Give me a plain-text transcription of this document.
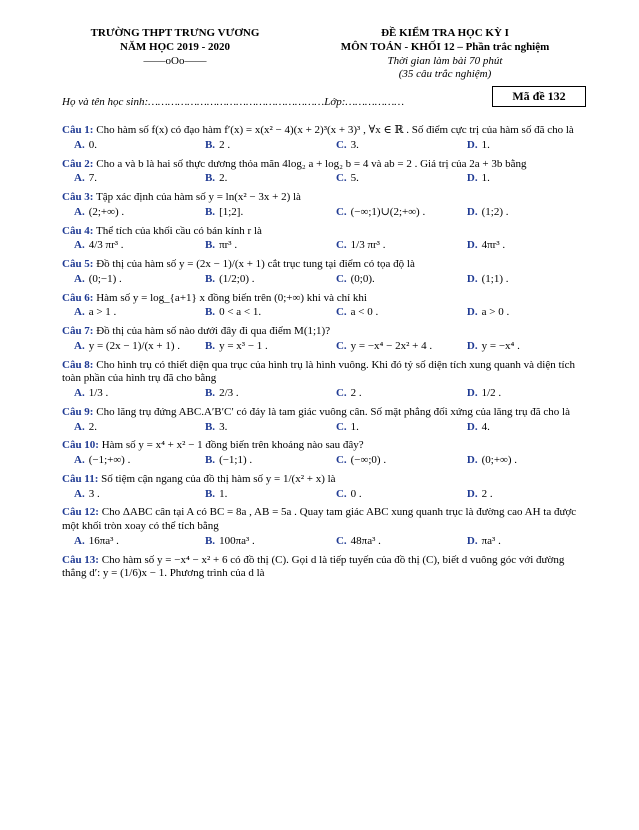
TRƯỜNG THPT TRƯNG VƯƠNG
NĂM HỌC 2019 - 2020
——oOo——
ĐỀ KIỂM TRA HỌC KỲ I
MÔN TOÁN - KHỐI 12 – Phần trắc nghiệm
Thời gian làm bài 70 phút
(35 câu trắc nghiệm)
Họ và tên học sinh:………………………………………………Lớp:………………	Mã đề 132

Câu 1: Cho hàm số f(x) có đạo hàm f′(x) = x(x² − 4)(x + 2)³(x + 3)³ , ∀x ∈ ℝ . Số điểm cực trị của hàm số đã cho là

A. 0.	B. 2 .	C. 3.	D. 1.

Câu 2: Cho a và b là hai số thực dương thỏa mãn 4log₂ a + log₂ b = 4 và ab = 2 . Giá trị của 2a + 3b bằng

A. 7.	B. 2.	C. 5.	D. 1.

Câu 3: Tập xác định của hàm số y = ln(x² − 3x + 2) là

A. (2;+∞) .	B. [1;2].	C. (−∞;1)∪(2;+∞) .	D. (1;2) .

Câu 4: Thể tích của khối cầu có bán kính r là

A. 4/3 πr³ .	B. πr³ .	C. 1/3 πr³ .	D. 4πr³ .

Câu 5: Đồ thị của hàm số y = (2x − 1)/(x + 1) cắt trục tung tại điểm có tọa độ là

A. (0;−1) .	B. (1/2;0) .	C. (0;0).	D. (1;1) .

Câu 6: Hàm số y = log_{a+1} x đồng biến trên (0;+∞) khi và chỉ khi

A. a > 1 .	B. 0 < a < 1.	C. a < 0 .	D. a > 0 .

Câu 7: Đồ thị của hàm số nào dưới đây đi qua điểm M(1;1)?

A. y = (2x − 1)/(x + 1) .	B. y = x³ − 1 .	C. y = −x⁴ − 2x² + 4 .	D. y = −x⁴ .

Câu 8: Cho hình trụ có thiết diện qua trục của hình trụ là hình vuông. Khi đó tỷ số diện tích xung quanh và diện tích toàn phần của hình trụ đã cho bằng

A. 1/3 .	B. 2/3 .	C. 2 .	D. 1/2 .

Câu 9: Cho lăng trụ đứng ABC.A′B′C′ có đáy là tam giác vuông cân. Số mặt phẳng đối xứng của lăng trụ đã cho là

A. 2.	B. 3.	C. 1.	D. 4.

Câu 10: Hàm số y = x⁴ + x² − 1 đồng biến trên khoảng nào sau đây?

A. (−1;+∞) .	B. (−1;1) .	C. (−∞;0) .	D. (0;+∞) .

Câu 11: Số tiệm cận ngang của đồ thị hàm số y = 1/(x² + x) là

A. 3 .	B. 1.	C. 0 .	D. 2 .

Câu 12: Cho ΔABC cân tại A có BC = 8a , AB = 5a . Quay tam giác ABC xung quanh trục là đường cao AH ta được một khối tròn xoay có thể tích bằng

A. 16πa³ .	B. 100πa³ .	C. 48πa³ .	D. πa³ .

Câu 13: Cho hàm số y = −x⁴ − x² + 6 có đồ thị (C). Gọi d là tiếp tuyến của đồ thị (C), biết d vuông góc với đường thẳng d′: y = (1/6)x − 1. Phương trình của d là
